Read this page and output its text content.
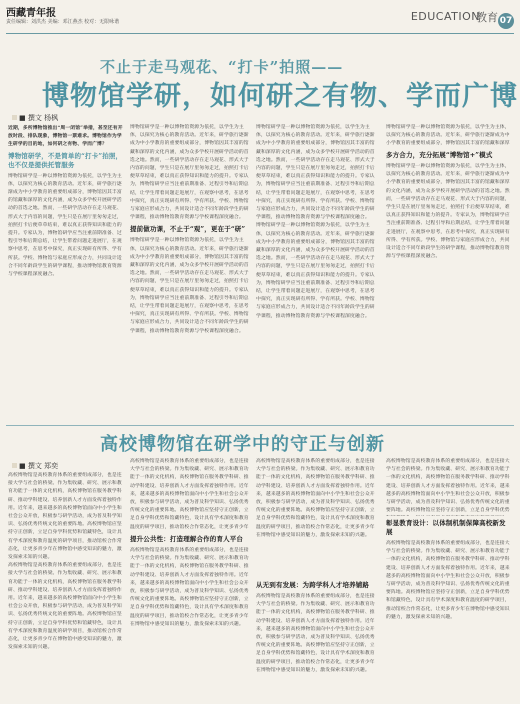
西藏青年报
责任编辑：刘洪杰 美编：邓江燕杰 校对：无限咏谐	EDUCATION
教育 07
不止于走马观花、“打卡”拍照——
博物馆学研，如何研之有物、学而广博
■ 撰文 杨枫
近期，多所博物馆推出“周一闭馆”举措，甚至还有开放时段、排队现象，博物馆一票难求。博物馆作为学生研学的目的地，如何研之有物、学而广博？
博物馆研学，不是简单的“打卡”拍照，也不仅是提供托管服务
博物馆研学是一种以博物馆资源为依托，以学生为主体，以探究为核心的教育活动。近年来，研学旅行逐渐成为中小学教育的重要组成部分，博物馆因其丰富的馆藏和深厚的文化内涵，成为众多学校开展研学活动的首选之地。然而，一些研学活动存在走马观花、形式大于内容的问题，学生只是在展厅里匆匆走过，拍照打卡后便草草结束，难以真正获得知识和能力的提升。专家认为，博物馆研学应当注重前期准备、过程引导和后期总结，让学生带着问题走进展厅，在观察中思考，在思考中探究，真正实现研有所得、学有所获。学校、博物馆与家庭应形成合力，共同设计适合不同年龄段学生的研学课程，推动博物馆教育资源与学校课程深度融合。
博物馆研学是一种以博物馆资源为依托，以学生为主体，以探究为核心的教育活动。近年来，研学旅行逐渐成为中小学教育的重要组成部分，博物馆因其丰富的馆藏和深厚的文化内涵，成为众多学校开展研学活动的首选之地。然而，一些研学活动存在走马观花、形式大于内容的问题，学生只是在展厅里匆匆走过，拍照打卡后便草草结束，难以真正获得知识和能力的提升。专家认为，博物馆研学应当注重前期准备、过程引导和后期总结，让学生带着问题走进展厅，在观察中思考，在思考中探究，真正实现研有所得、学有所获。学校、博物馆与家庭应形成合力，共同设计适合不同年龄段学生的研学课程，推动博物馆教育资源与学校课程深度融合。
提前做功课，不止于“观”，更在于“研”
博物馆研学是一种以博物馆资源为依托，以学生为主体，以探究为核心的教育活动。近年来，研学旅行逐渐成为中小学教育的重要组成部分，博物馆因其丰富的馆藏和深厚的文化内涵，成为众多学校开展研学活动的首选之地。然而，一些研学活动存在走马观花、形式大于内容的问题，学生只是在展厅里匆匆走过，拍照打卡后便草草结束，难以真正获得知识和能力的提升。专家认为，博物馆研学应当注重前期准备、过程引导和后期总结，让学生带着问题走进展厅，在观察中思考，在思考中探究，真正实现研有所得、学有所获。学校、博物馆与家庭应形成合力，共同设计适合不同年龄段学生的研学课程，推动博物馆教育资源与学校课程深度融合。
博物馆研学是一种以博物馆资源为依托，以学生为主体，以探究为核心的教育活动。近年来，研学旅行逐渐成为中小学教育的重要组成部分，博物馆因其丰富的馆藏和深厚的文化内涵，成为众多学校开展研学活动的首选之地。然而，一些研学活动存在走马观花、形式大于内容的问题，学生只是在展厅里匆匆走过，拍照打卡后便草草结束，难以真正获得知识和能力的提升。专家认为，博物馆研学应当注重前期准备、过程引导和后期总结，让学生带着问题走进展厅，在观察中思考，在思考中探究，真正实现研有所得、学有所获。学校、博物馆与家庭应形成合力，共同设计适合不同年龄段学生的研学课程，推动博物馆教育资源与学校课程深度融合。
博物馆研学是一种以博物馆资源为依托，以学生为主体，以探究为核心的教育活动。近年来，研学旅行逐渐成为中小学教育的重要组成部分，博物馆因其丰富的馆藏和深厚的文化内涵，成为众多学校开展研学活动的首选之地。然而，一些研学活动存在走马观花、形式大于内容的问题，学生只是在展厅里匆匆走过，拍照打卡后便草草结束，难以真正获得知识和能力的提升。专家认为，博物馆研学应当注重前期准备、过程引导和后期总结，让学生带着问题走进展厅，在观察中思考，在思考中探究，真正实现研有所得、学有所获。学校、博物馆与家庭应形成合力，共同设计适合不同年龄段学生的研学课程，推动博物馆教育资源与学校课程深度融合。
博物馆研学是一种以博物馆资源为依托，以学生为主体，以探究为核心的教育活动。近年来，研学旅行逐渐成为中小学教育的重要组成部分，博物馆因其丰富的馆藏和深厚
多方合力，充分拓展“博物馆+”模式
博物馆研学是一种以博物馆资源为依托，以学生为主体，以探究为核心的教育活动。近年来，研学旅行逐渐成为中小学教育的重要组成部分，博物馆因其丰富的馆藏和深厚的文化内涵，成为众多学校开展研学活动的首选之地。然而，一些研学活动存在走马观花、形式大于内容的问题，学生只是在展厅里匆匆走过，拍照打卡后便草草结束，难以真正获得知识和能力的提升。专家认为，博物馆研学应当注重前期准备、过程引导和后期总结，让学生带着问题走进展厅，在观察中思考，在思考中探究，真正实现研有所得、学有所获。学校、博物馆与家庭应形成合力，共同设计适合不同年龄段学生的研学课程，推动博物馆教育资源与学校课程深度融合。
高校博物馆在研学中的守正与创新
■ 撰文 郑奕
高校博物馆是高校教育体系的重要组成部分，也是连接大学与社会的桥梁。作为集收藏、研究、展示和教育功能于一体的文化机构，高校博物馆在服务教学科研、推动学科建设、培养创新人才方面发挥着独特作用。近年来，越来越多的高校博物馆面向中小学生和社会公众开放，积极参与研学活动，成为普及科学知识、弘扬优秀传统文化的重要阵地。高校博物馆应坚持守正创新，立足自身学科优势和馆藏特色，设计具有学术深度和教育温度的研学项目，推动馆校合作常态化，让更多青少年在博物馆中感受知识的魅力，激发探索未知的兴趣。
高校博物馆是高校教育体系的重要组成部分，也是连接大学与社会的桥梁。作为集收藏、研究、展示和教育功能于一体的文化机构，高校博物馆在服务教学科研、推动学科建设、培养创新人才方面发挥着独特作用。近年来，越来越多的高校博物馆面向中小学生和社会公众开放，积极参与研学活动，成为普及科学知识、弘扬优秀传统文化的重要阵地。高校博物馆应坚持守正创新，立足自身学科优势和馆藏特色，设计具有学术深度和教育温度的研学项目，推动馆校合作常态化，让更多青少年在博物馆中感受知识的魅力，激发探索未知的兴趣。
高校博物馆是高校教育体系的重要组成部分，也是连接大学与社会的桥梁。作为集收藏、研究、展示和教育功能于一体的文化机构，高校博物馆在服务教学科研、推动学科建设、培养创新人才方面发挥着独特作用。近年来，越来越多的高校博物馆面向中小学生和社会公众开放，积极参与研学活动，成为普及科学知识、弘扬优秀传统文化的重要阵地。高校博物馆应坚持守正创新，立足自身学科优势和馆藏特色，设计具有学术深度和教育温度的研学项目，推动馆校合作常态化，让更多青少年
提升公共性：打造理解合作的育人平台
高校博物馆是高校教育体系的重要组成部分，也是连接大学与社会的桥梁。作为集收藏、研究、展示和教育功能于一体的文化机构，高校博物馆在服务教学科研、推动学科建设、培养创新人才方面发挥着独特作用。近年来，越来越多的高校博物馆面向中小学生和社会公众开放，积极参与研学活动，成为普及科学知识、弘扬优秀传统文化的重要阵地。高校博物馆应坚持守正创新，立足自身学科优势和馆藏特色，设计具有学术深度和教育温度的研学项目，推动馆校合作常态化，让更多青少年在博物馆中感受知识的魅力，激发探索未知的兴趣。
高校博物馆是高校教育体系的重要组成部分，也是连接大学与社会的桥梁。作为集收藏、研究、展示和教育功能于一体的文化机构，高校博物馆在服务教学科研、推动学科建设、培养创新人才方面发挥着独特作用。近年来，越来越多的高校博物馆面向中小学生和社会公众开放，积极参与研学活动，成为普及科学知识、弘扬优秀传统文化的重要阵地。高校博物馆应坚持守正创新，立足自身学科优势和馆藏特色，设计具有学术深度和教育温度的研学项目，推动馆校合作常态化，让更多青少年在博物馆中感受知识的魅力，激发探索未知的兴趣。
从无到有发展：为跨学科人才培养铺路
高校博物馆是高校教育体系的重要组成部分，也是连接大学与社会的桥梁。作为集收藏、研究、展示和教育功能于一体的文化机构，高校博物馆在服务教学科研、推动学科建设、培养创新人才方面发挥着独特作用。近年来，越来越多的高校博物馆面向中小学生和社会公众开放，积极参与研学活动，成为普及科学知识、弘扬优秀传统文化的重要阵地。高校博物馆应坚持守正创新，立足自身学科优势和馆藏特色，设计具有学术深度和教育温度的研学项目，推动馆校合作常态化，让更多青少年在博物馆中感受知识的魅力，激发探索未知的兴趣。
高校博物馆是高校教育体系的重要组成部分，也是连接大学与社会的桥梁。作为集收藏、研究、展示和教育功能于一体的文化机构，高校博物馆在服务教学科研、推动学科建设、培养创新人才方面发挥着独特作用。近年来，越来越多的高校博物馆面向中小学生和社会公众开放，积极参与研学活动，成为普及科学知识、弘扬优秀传统文化的重要阵地。高校博物馆应坚持守正创新，立足自身学科优势
彰显教育设计：以体制机制保障高校新发展
高校博物馆是高校教育体系的重要组成部分，也是连接大学与社会的桥梁。作为集收藏、研究、展示和教育功能于一体的文化机构，高校博物馆在服务教学科研、推动学科建设、培养创新人才方面发挥着独特作用。近年来，越来越多的高校博物馆面向中小学生和社会公众开放，积极参与研学活动，成为普及科学知识、弘扬优秀传统文化的重要阵地。高校博物馆应坚持守正创新，立足自身学科优势和馆藏特色，设计具有学术深度和教育温度的研学项目，推动馆校合作常态化，让更多青少年在博物馆中感受知识的魅力，激发探索未知的兴趣。
